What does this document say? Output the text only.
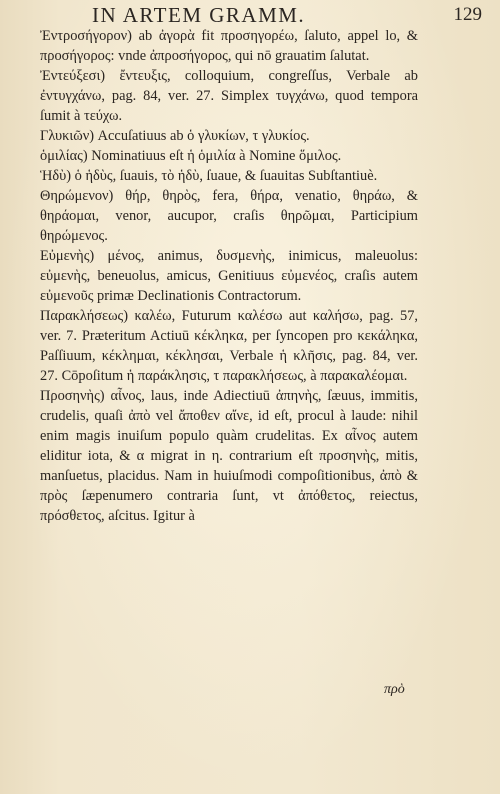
IN ARTEM GRAMM.	129

Ἐντροσήγορον) ab ἀγορὰ fit προσηγορέω, ſaluto, appel lo, & προσήγορος: vnde ἀπροσήγορος, qui nō grauatim ſalutat.

Ἐντεύξεσι) ἔντευξις, colloquium, congreſſus, Verbale ab ἐντυγχάνω, pag. 84, ver. 27. Simplex τυγχάνω, quod tempora ſumit à τεύχω.

Γλυκιῶν) Accuſatiuus ab ὁ γλυκίων, τ γλυκίος.

ὁμιλίας) Nominatiuus eſt ἡ ὁμιλία à Nomine ὅμιλος.

Ἡδὺ) ὁ ἡδὺς, ſuauis, τὸ ἡδὺ, ſuaue, & ſuauitas Subſtantiuè.

Θηρώμενον) θήρ, θηρὸς, fera, θήρα, venatio, θηράω, & θηράομαι, venor, aucupor, craſis θηρῶμαι, Participium θηρώμενος.

Εὐμενὴς) μένος, animus, δυσμενὴς, inimicus, maleuolus: εὐμενὴς, beneuolus, amicus, Genitiuus εὐμενέος, craſis autem εὐμενοῦς primæ Declinationis Contractorum.

Παρακλήσεως) καλέω, Futurum καλέσω aut καλήσω, pag. 57, ver. 7. Præteritum Actiuū κέκληκα, per ſyncopen pro κεκάληκα, Paſſiuum, κέκλημαι, κέκλησαι, Verbale ἡ κλῆσις, pag. 84, ver. 27. Cōpoſitum ἡ παράκλησις, τ παρακλήσεως, à παρακαλέομαι.

Προσηνὴς) αἶνος, laus, inde Adiectiuū ἀπηνὴς, ſæuus, immitis, crudelis, quaſi ἀπὸ vel ἄποθεν αἴνε, id eſt, procul à laude: nihil enim magis inuiſum populo quàm crudelitas. Ex αἶνος autem eliditur iota, & α migrat in η. contrarium eſt προσηνὴς, mitis, manſuetus, placidus. Nam in huiuſmodi compoſitionibus, ἀπὸ & πρὸς ſæpenumero contraria ſunt, vt ἀπόθετος, reiectus, πρόσθετος, aſcitus. Igitur à

πρὸ
